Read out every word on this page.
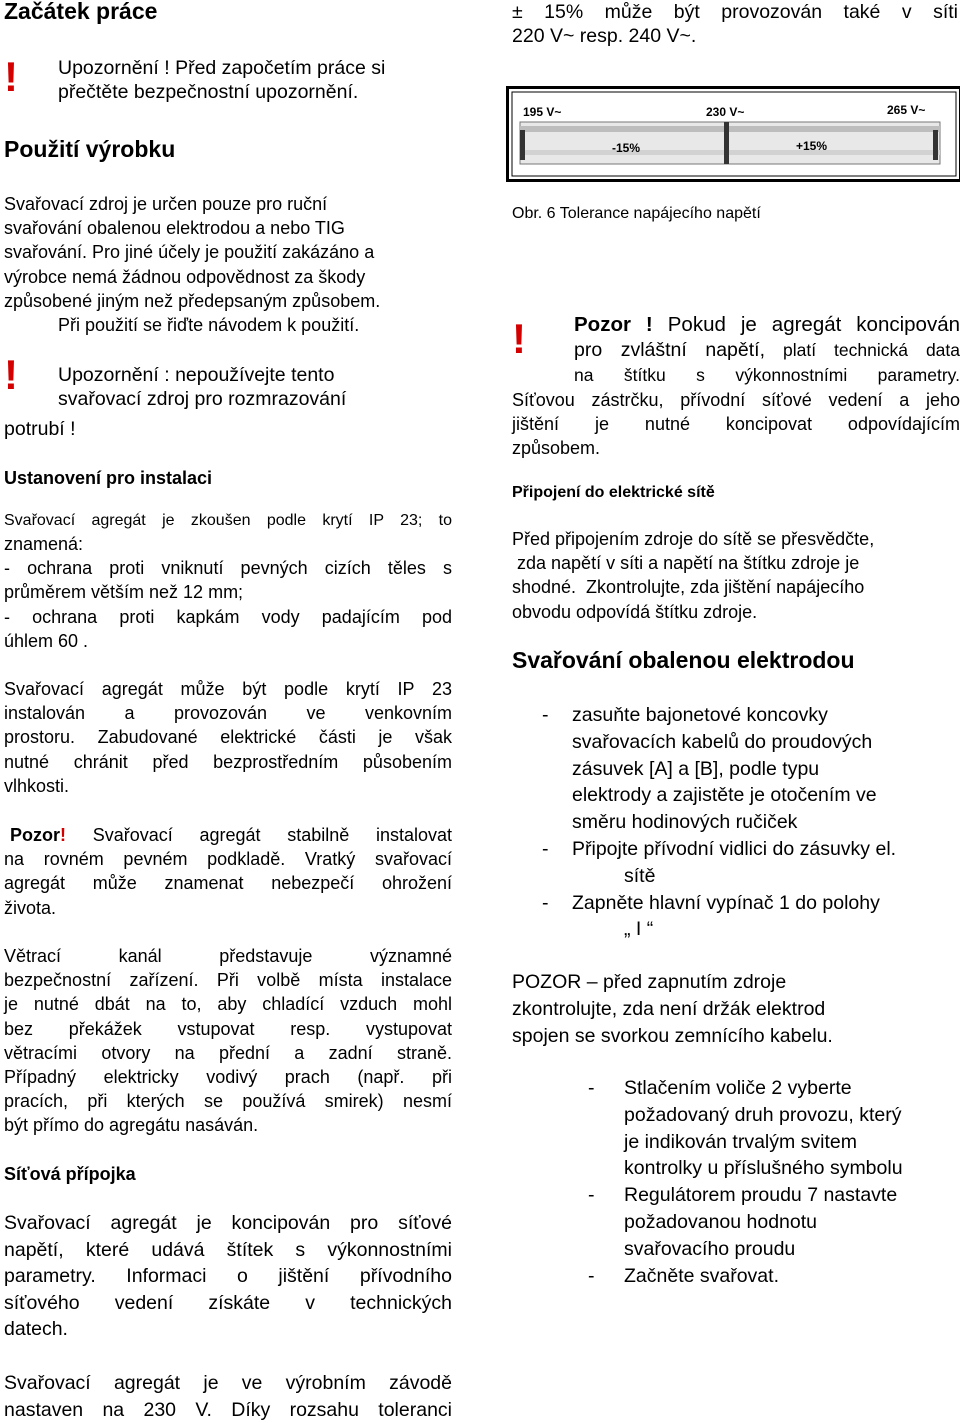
Začátek práce
! Upozornění ! Před započetím práce si
přečtěte bezpečnostní upozornění.
Použití výrobku
Svařovací zdroj je určen pouze pro ruční
svařování obalenou elektrodou a nebo TIG
svařování. Pro jiné účely je použití zakázáno a
výrobce nemá žádnou odpovědnost za škody
způsobené jiným než předepsaným způsobem.
Při použití se řiďte návodem k použití.
! Upozornění : nepoužívejte tento
svařovací zdroj pro rozmrazování
potrubí !
Ustanovení pro instalaci
Svařovací agregát je zkoušen podle krytí IP 23; to
znamená:
- ochrana proti vniknutí pevných cizích těles s
průměrem větším než 12 mm;
- ochrana proti kapkám vody padajícím pod
úhlem 60 .
Svařovací agregát může být podle krytí IP 23
instalován a provozován ve venkovním
prostoru. Zabudované elektrické části je však
nutné chránit před bezprostředním působením
vlhkosti.
Pozor! Svařovací agregát stabilně instalovat
na rovném pevném podkladě. Vratký svařovací
agregát může znamenat nebezpečí ohrožení
života.
Větrací kanál představuje významné
bezpečnostní zařízení. Při volbě místa instalace
je nutné dbát na to, aby chladící vzduch mohl
bez překážek vstupovat resp. vystupovat
větracími otvory na přední a zadní straně.
Případný elektricky vodivý prach (např. při
pracích, při kterých se používá smirek) nesmí
být přímo do agregátu nasáván.
Síťová přípojka
Svařovací agregát je koncipován pro síťové
napětí, které udává štítek s výkonnostními
parametry. Informaci o jištění přívodního
síťového vedení získáte v technických
datech.
Svařovací agregát je ve výrobním závodě
nastaven na 230 V. Díky rozsahu toleranci
± 15% může být provozován také v síti
220 V~ resp. 240 V~.
195 V~	230 V~	265 V~
-15%	+15%
Obr. 6 Tolerance napájecího napětí
! Pozor ! Pokud je agregát koncipován
pro zvláštní napětí, platí technická data
na štítku s výkonnostními parametry.
Síťovou zástrčku, přívodní síťové vedení a jeho
jištění je nutné koncipovat odpovídajícím
způsobem.
Připojení do elektrické sítě
Před připojením zdroje do sítě se přesvědčte,
zda napětí v síti a napětí na štítku zdroje je
shodné.  Zkontrolujte, zda jištění napájecího
obvodu odpovídá štítku zdroje.
Svařování obalenou elektrodou
- zasuňte bajonetové koncovky
svařovacích kabelů do proudových
zásuvek [A] a [B], podle typu
elektrody a zajistěte je otočením ve
směru hodinových ručiček
- Připojte přívodní vidlici do zásuvky el.
sítě
- Zapněte hlavní vypínač 1 do polohy
„ I “
POZOR – před zapnutím zdroje
zkontrolujte, zda není držák elektrod
spojen se svorkou zemnícího kabelu.
- Stlačením voliče 2 vyberte
požadovaný druh provozu, který
je indikován trvalým svitem
kontrolky u příslušného symbolu
- Regulátorem proudu 7 nastavte
požadovanou hodnotu
svařovacího proudu
- Začněte svařovat.
